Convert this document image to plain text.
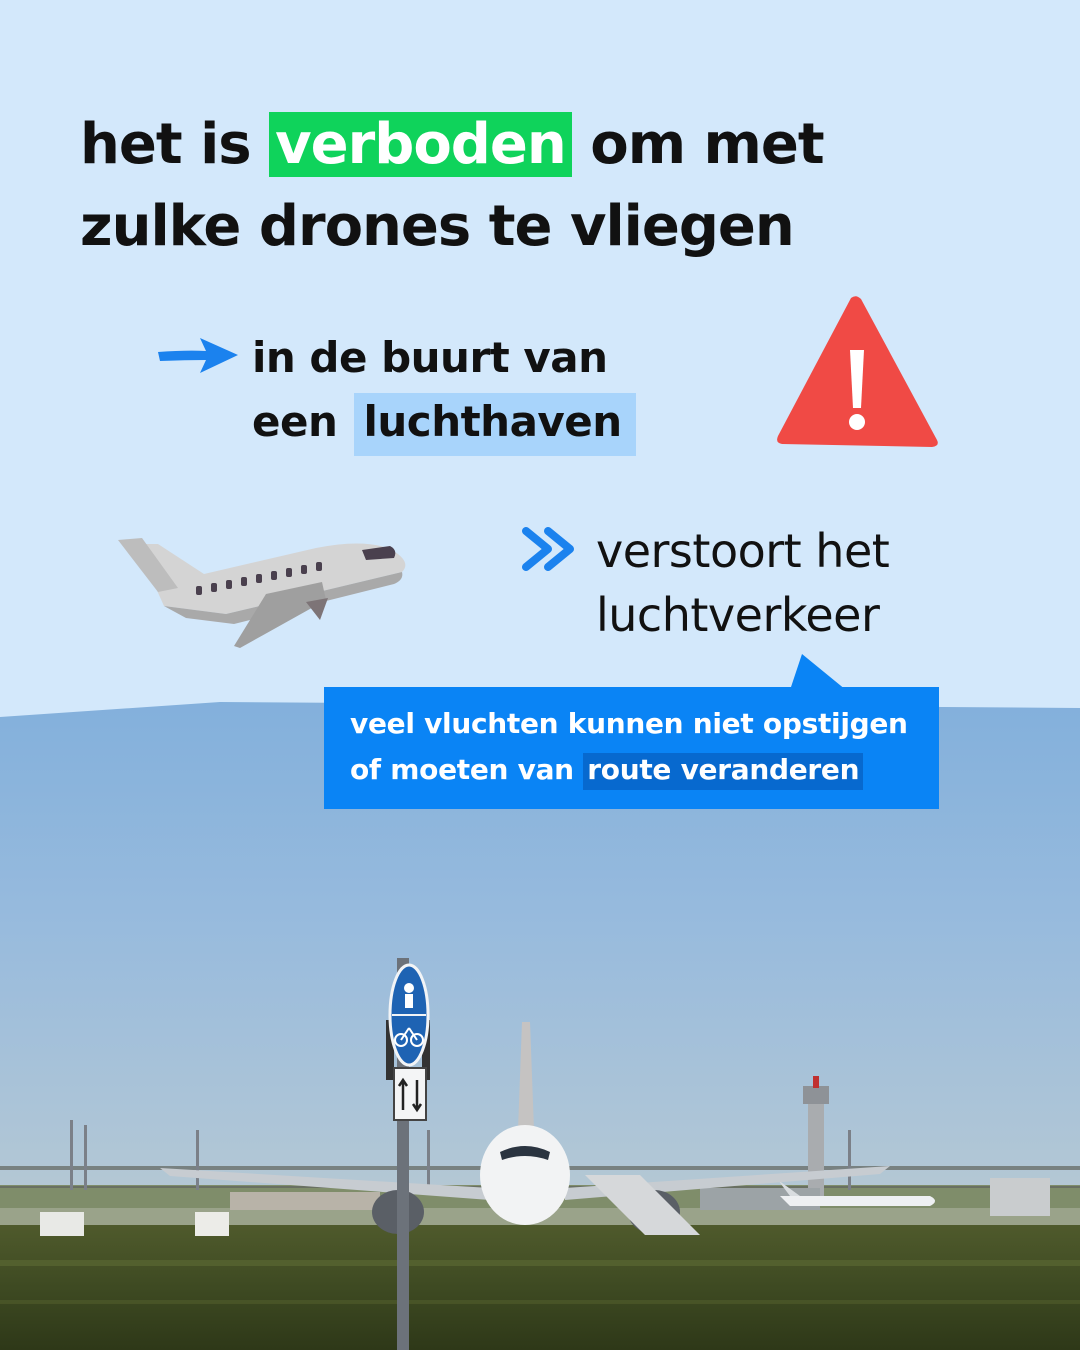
het is verboden om met
zulke drones te vliegen
in de buurt van
een luchthaven
verstoort het
luchtverkeer
veel vluchten kunnen niet opstijgen
of moeten van route veranderen
